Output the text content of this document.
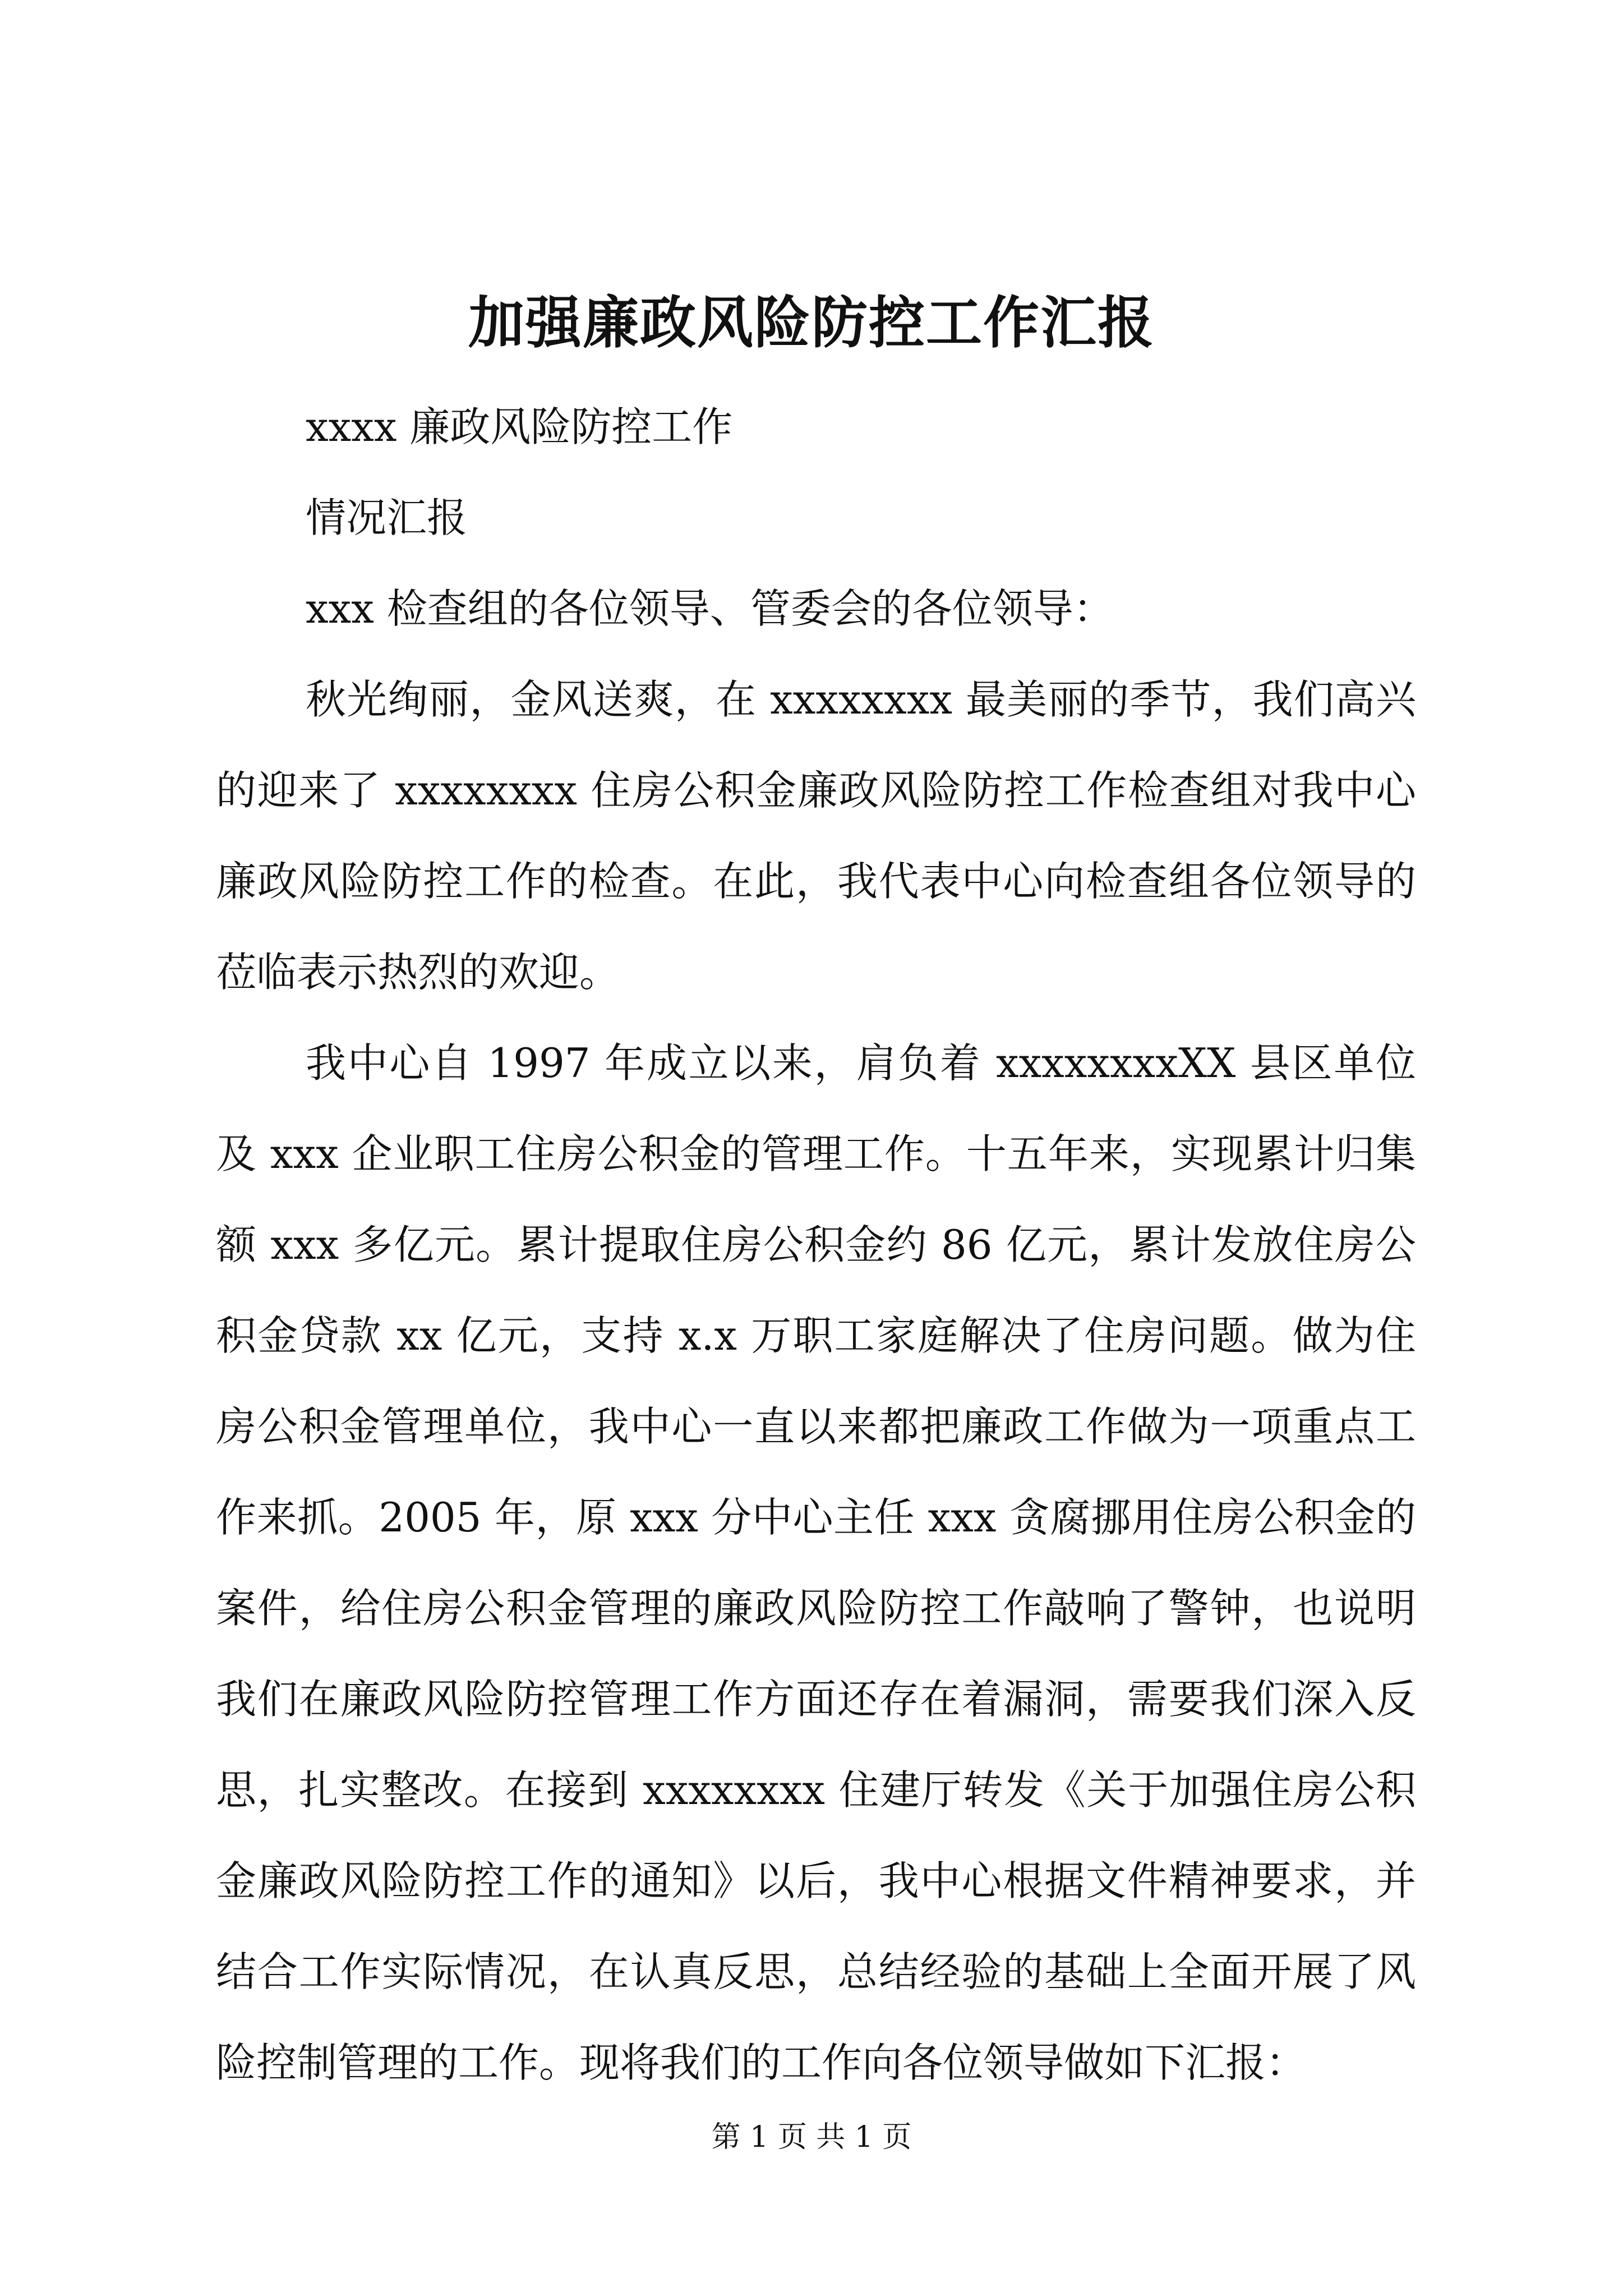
加强廉政风险防控工作汇报

xxxx 廉政风险防控工作

情况汇报

xxx 检查组的各位领导、管委会的各位领导：

秋光绚丽，金风送爽，在 xxxxxxxx 最美丽的季节，我们高兴的迎来了 xxxxxxxx 住房公积金廉政风险防控工作检查组对我中心廉政风险防控工作的检查。在此，我代表中心向检查组各位领导的莅临表示热烈的欢迎。

我中心自 1997 年成立以来，肩负着 xxxxxxxxXX 县区单位及 xxx 企业职工住房公积金的管理工作。十五年来，实现累计归集额 xxx 多亿元。累计提取住房公积金约 86 亿元，累计发放住房公积金贷款 xx 亿元，支持 x.x 万职工家庭解决了住房问题。做为住房公积金管理单位，我中心一直以来都把廉政工作做为一项重点工作来抓。2005 年，原 xxx 分中心主任 xxx 贪腐挪用住房公积金的案件，给住房公积金管理的廉政风险防控工作敲响了警钟，也说明我们在廉政风险防控管理工作方面还存在着漏洞，需要我们深入反思，扎实整改。在接到 xxxxxxxx 住建厅转发《关于加强住房公积金廉政风险防控工作的通知》以后，我中心根据文件精神要求，并结合工作实际情况，在认真反思，总结经验的基础上全面开展了风险控制管理的工作。现将我们的工作向各位领导做如下汇报：

第 1 页 共 1 页
